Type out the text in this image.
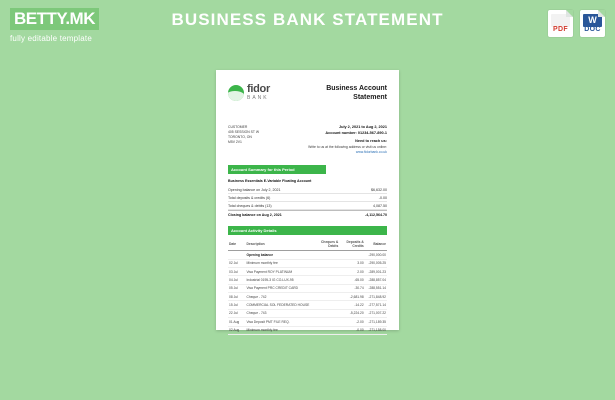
BETTY.MK
fully editable template
BUSINESS BANK STATEMENT
PDF
W	DOC
fidor
BANK
Business Account
Statement
CUSTOMER
405 SESSION ST W
TORONTO, ON
M5V 2V1
July 2, 2021 to Aug 2, 2021
Account number: 01234-567-890-1
Need to reach us:
Write to us at the following address or visit us online:
www.fidorbank.co.uk
Account Summary for this Period
Business Essentials E-Variable Floating Account
Opening balance on July 2, 2021	$6,632.00
Total deposits & credits (6)	-0.00
Total cheques & debits (13)	4,087.50
Closing balance on Aug 2, 2021	-4,112,564.70
Account Activity Details
Date	Description	Cheques & Debits	Deposits & Credits	Balance
	Opening balance			-290,000.00
02 Jul	Minimum monthly fee		3.00	-290,005.25
03 Jul	Visa Payment ROY PLATINUM		2.00	-289,001.23
04 Jul	Industrial 0195-3 IG CO-LUX-95		-65.00	-288,857.04
05 Jul	Visa Payment PRC CREDIT CARD		-30.74	-288,551.14
08 Jul	Cheque - 742		-2,681.98	-271,848.92
15 Jul	COMMERCIAL SOL FEDERATED HOUSE		-14.22	-277,571.14
22 Jul	Cheque - 743		-5,224.20	-271,007.22
01 Aug	Visa Deposit PMT FILE REQ.		-2.00	-271,189.35
02 Aug	Minimum monthly fee		-0.00	-271,158.00
